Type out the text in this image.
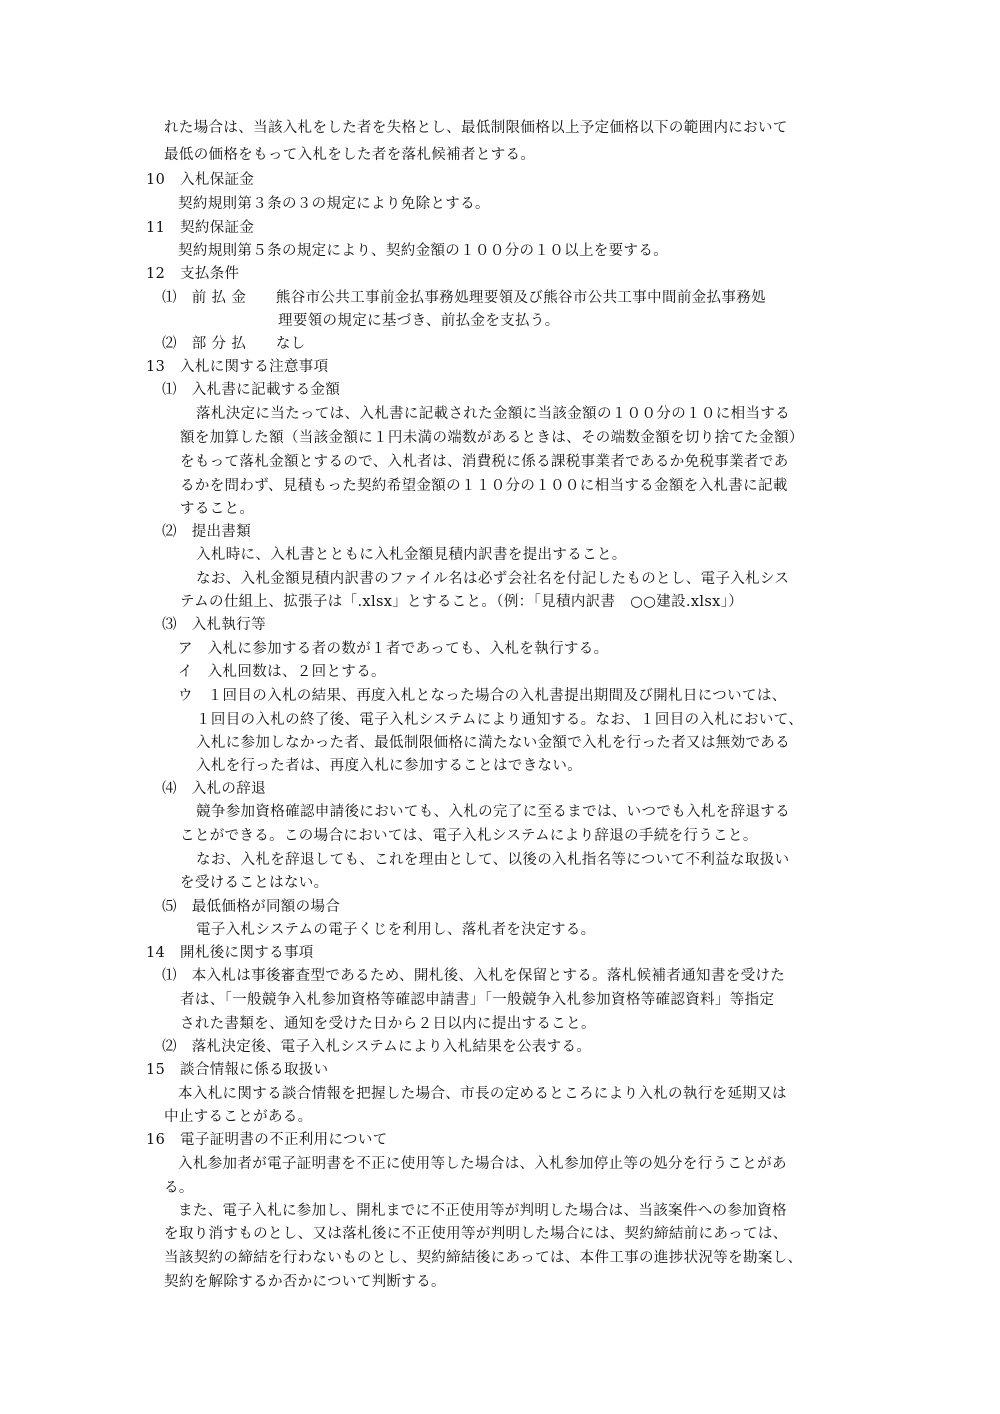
れた場合は、当該入札をした者を失格とし、最低制限価格以上予定価格以下の範囲内において
最低の価格をもって入札をした者を落札候補者とする。
10　入札保証金
契約規則第３条の３の規定により免除とする。
11　契約保証金
契約規則第５条の規定により、契約金額の１００分の１０以上を要する。
12　支払条件
⑴　前 払 金　　熊谷市公共工事前金払事務処理要領及び熊谷市公共工事中間前金払事務処
理要領の規定に基づき、前払金を支払う。
⑵　部 分 払　　なし
13　入札に関する注意事項
⑴　入札書に記載する金額
落札決定に当たっては、入札書に記載された金額に当該金額の１００分の１０に相当する
額を加算した額（当該金額に１円未満の端数があるときは、その端数金額を切り捨てた金額）
をもって落札金額とするので、入札者は、消費税に係る課税事業者であるか免税事業者であ
るかを問わず、見積もった契約希望金額の１１０分の１００に相当する金額を入札書に記載
すること。
⑵　提出書類
入札時に、入札書とともに入札金額見積内訳書を提出すること。
なお、入札金額見積内訳書のファイル名は必ず会社名を付記したものとし、電子入札シス
テムの仕組上、拡張子は「.xlsx」とすること。（例：「見積内訳書　○○建設.xlsx」）
⑶　入札執行等
ア　入札に参加する者の数が１者であっても、入札を執行する。
イ　入札回数は、２回とする。
ウ　１回目の入札の結果、再度入札となった場合の入札書提出期間及び開札日については、
１回目の入札の終了後、電子入札システムにより通知する。なお、１回目の入札において、
入札に参加しなかった者、最低制限価格に満たない金額で入札を行った者又は無効である
入札を行った者は、再度入札に参加することはできない。
⑷　入札の辞退
競争参加資格確認申請後においても、入札の完了に至るまでは、いつでも入札を辞退する
ことができる。この場合においては、電子入札システムにより辞退の手続を行うこと。
なお、入札を辞退しても、これを理由として、以後の入札指名等について不利益な取扱い
を受けることはない。
⑸　最低価格が同額の場合
電子入札システムの電子くじを利用し、落札者を決定する。
14　開札後に関する事項
⑴　本入札は事後審査型であるため、開札後、入札を保留とする。落札候補者通知書を受けた
者は、「一般競争入札参加資格等確認申請書」「一般競争入札参加資格等確認資料」等指定
された書類を、通知を受けた日から２日以内に提出すること。
⑵　落札決定後、電子入札システムにより入札結果を公表する。
15　談合情報に係る取扱い
本入札に関する談合情報を把握した場合、市長の定めるところにより入札の執行を延期又は
中止することがある。
16　電子証明書の不正利用について
入札参加者が電子証明書を不正に使用等した場合は、入札参加停止等の処分を行うことがあ
る。
また、電子入札に参加し、開札までに不正使用等が判明した場合は、当該案件への参加資格
を取り消すものとし、又は落札後に不正使用等が判明した場合には、契約締結前にあっては、
当該契約の締結を行わないものとし、契約締結後にあっては、本件工事の進捗状況等を勘案し、
契約を解除するか否かについて判断する。
